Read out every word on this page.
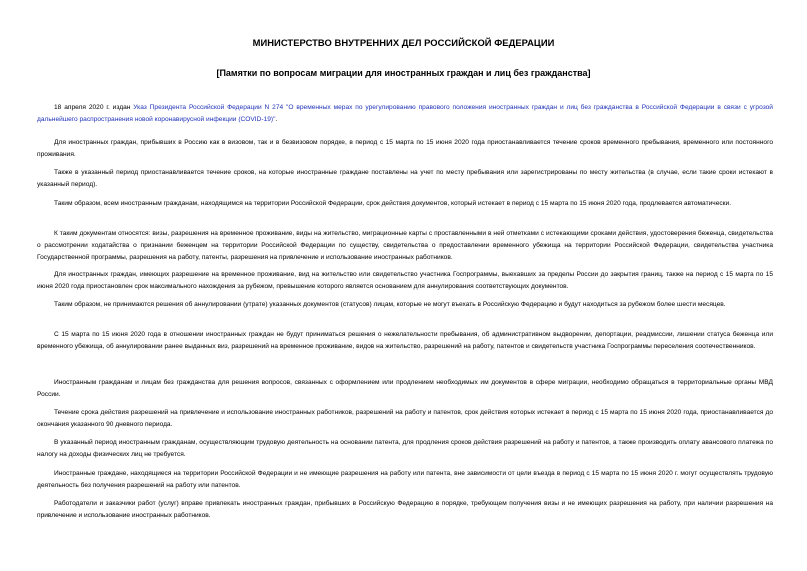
МИНИСТЕРСТВО ВНУТРЕННИХ ДЕЛ РОССИЙСКОЙ ФЕДЕРАЦИИ
[Памятки по вопросам миграции для иностранных граждан и лиц без гражданства]

18 апреля 2020 г. издан Указ Президента Российской Федерации N 274 "О временных мерах по урегулированию правового положения иностранных граждан и лиц без гражданства в Российской Федерации в связи с угрозой дальнейшего распространения новой коронавирусной инфекции (COVID-19)".

Для иностранных граждан, прибывших в Россию как в визовом, так и в безвизовом порядке, в период с 15 марта по 15 июня 2020 года приостанавливается течение сроков временного пребывания, временного или постоянного проживания.

Также в указанный период приостанавливается течение сроков, на которые иностранные граждане поставлены на учет по месту пребывания или зарегистрированы по месту жительства (в случае, если такие сроки истекают в указанный период).

Таким образом, всем иностранным гражданам, находящимся на территории Российской Федерации, срок действия документов, который истекает в период с 15 марта по 15 июня 2020 года, продлевается автоматически.

К таким документам относятся: визы, разрешения на временное проживание, виды на жительство, миграционные карты с проставленными в ней отметками с истекающими сроками действия, удостоверения беженца, свидетельства о рассмотрении ходатайства о признании беженцем на территории Российской Федерации по существу, свидетельства о предоставлении временного убежища на территории Российской Федерации, свидетельства участника Государственной программы, разрешения на работу, патенты, разрешения на привлечение и использование иностранных работников.

Для иностранных граждан, имеющих разрешение на временное проживание, вид на жительство или свидетельство участника Госпрограммы, выехавших за пределы России до закрытия границ, также на период с 15 марта по 15 июня 2020 года приостановлен срок максимального нахождения за рубежом, превышение которого является основанием для аннулирования соответствующих документов.

Таким образом, не принимаются решения об аннулировании (утрате) указанных документов (статусов) лицам, которые не могут въехать в Российскую Федерацию и будут находиться за рубежом более шести месяцев.

С 15 марта по 15 июня 2020 года в отношении иностранных граждан не будут приниматься решения о нежелательности пребывания, об административном выдворении, депортации, реадмиссии, лишении статуса беженца или временного убежища, об аннулировании ранее выданных виз, разрешений на временное проживание, видов на жительство, разрешений на работу, патентов и свидетельств участника Госпрограммы переселения соотечественников.

Иностранным гражданам и лицам без гражданства для решения вопросов, связанных с оформлением или продлением необходимых им документов в сфере миграции, необходимо обращаться в территориальные органы МВД России.

Течение срока действия разрешений на привлечение и использование иностранных работников, разрешений на работу и патентов, срок действия которых истекает в период с 15 марта по 15 июня 2020 года, приостанавливается до окончания указанного 90 дневного периода.

В указанный период иностранным гражданам, осуществляющим трудовую деятельность на основании патента, для продления сроков действия разрешений на работу и патентов, а также производить оплату авансового платежа по налогу на доходы физических лиц не требуется.

Иностранные граждане, находящиеся на территории Российской Федерации и не имеющие разрешения на работу или патента, вне зависимости от цели въезда в период с 15 марта по 15 июня 2020 г. могут осуществлять трудовую деятельность без получения разрешений на работу или патентов.

Работодатели и заказчики работ (услуг) вправе привлекать иностранных граждан, прибывших в Российскую Федерацию в порядке, требующем получения визы и не имеющих разрешения на работу, при наличии разрешения на привлечение и использование иностранных работников.
